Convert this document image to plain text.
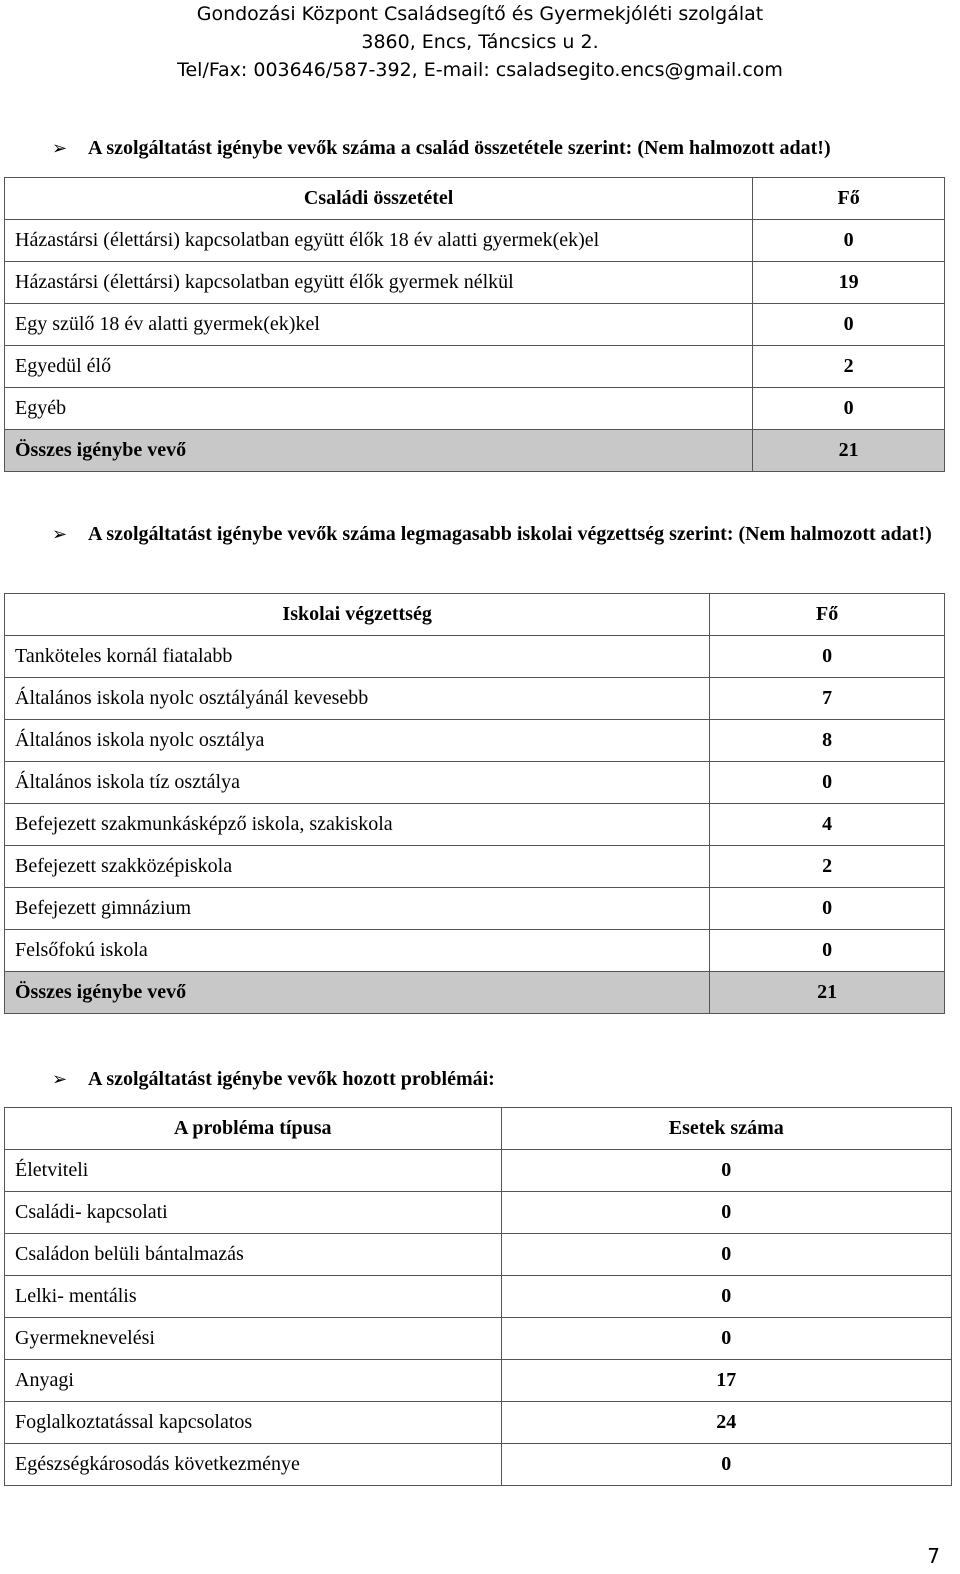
Gondozási Központ Családsegítő és Gyermekjóléti szolgálat
3860, Encs, Táncsics u 2.
Tel/Fax: 003646/587-392, E-mail: csaladsegito.encs@gmail.com
➢ A szolgáltatást igénybe vevők száma a család összetétele szerint: (Nem halmozott adat!)
Családi összetétel	Fő
Házastársi (élettársi) kapcsolatban együtt élők 18 év alatti gyermek(ek)el	0
Házastársi (élettársi) kapcsolatban együtt élők gyermek nélkül	19
Egy szülő 18 év alatti gyermek(ek)kel	0
Egyedül élő	2
Egyéb	0
Összes igénybe vevő	21
➢ A szolgáltatást igénybe vevők száma legmagasabb iskolai végzettség szerint: (Nem halmozott adat!)
Iskolai végzettség	Fő
Tanköteles kornál fiatalabb	0
Általános iskola nyolc osztályánál kevesebb	7
Általános iskola nyolc osztálya	8
Általános iskola tíz osztálya	0
Befejezett szakmunkásképző iskola, szakiskola	4
Befejezett szakközépiskola	2
Befejezett gimnázium	0
Felsőfokú iskola	0
Összes igénybe vevő	21
➢ A szolgáltatást igénybe vevők hozott problémái:
A probléma típusa	Esetek száma
Életviteli	0
Családi- kapcsolati	0
Családon belüli bántalmazás	0
Lelki- mentális	0
Gyermeknevelési	0
Anyagi	17
Foglalkoztatással kapcsolatos	24
Egészségkárosodás következménye	0
7
